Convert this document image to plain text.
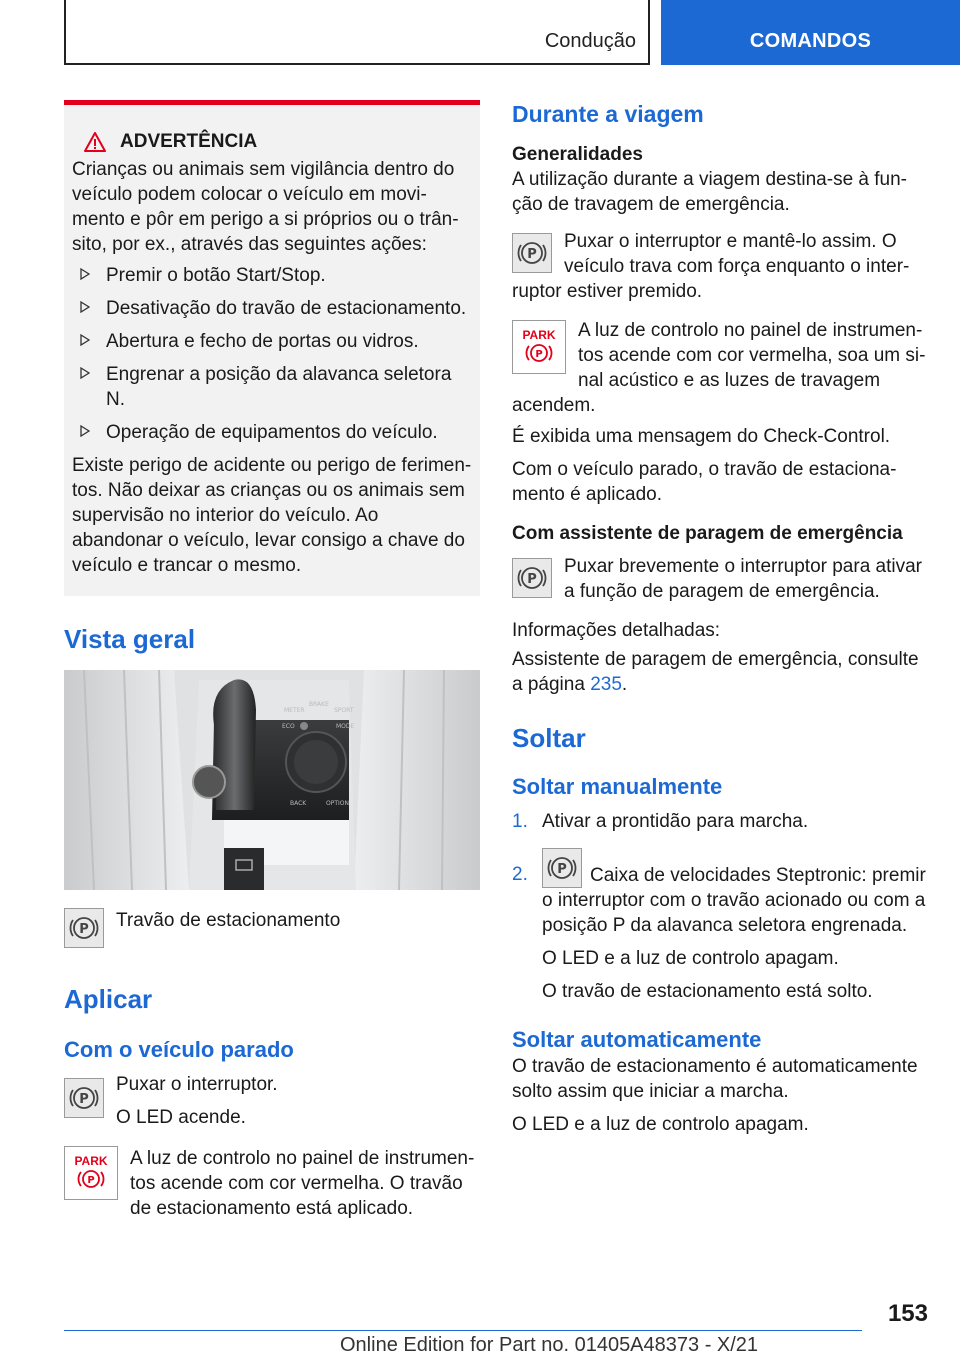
Condução	COMANDOS
ADVERTÊNCIA

Crianças ou animais sem vigilância dentro do veículo podem colocar o veículo em movi-mento e pôr em perigo a si próprios ou o trân-sito, por ex., através das seguintes ações:

Premir o botão Start/Stop.
Desativação do travão de estacionamento.
Abertura e fecho de portas ou vidros.
Engrenar a posição da alavanca seletora N.
Operação de equipamentos do veículo.

Existe perigo de acidente ou perigo de ferimen-tos. Não deixar as crianças ou os animais sem supervisão no interior do veículo. Ao abandonar o veículo, levar consigo a chave do veículo e trancar o mesmo.

Vista geral
METER
BRAKE
SPORT
ECO	MODE
BACK	OPTION
P Travão de estacionamento

Aplicar
Com o veículo parado
P

Puxar o interruptor.

O LED acende.

PARK
P

A luz de controlo no painel de instrumen-tos acende com cor vermelha. O travão de estacionamento está aplicado.

Durante a viagem
Generalidades

A utilização durante a viagem destina-se à fun-ção de travagem de emergência.

P

Puxar o interruptor e mantê-lo assim. O veículo trava com força enquanto o inter-ruptor estiver premido.

PARK
P

A luz de controlo no painel de instrumen-tos acende com cor vermelha, soa um si-nal acústico e as luzes de travagem acendem.

É exibida uma mensagem do Check-Control.

Com o veículo parado, o travão de estaciona-mento é aplicado.

Com assistente de paragem de emergência
P

Puxar brevemente o interruptor para ativar a função de paragem de emergência.

Informações detalhadas:

Assistente de paragem de emergência, consulte a página 235.

Soltar
Soltar manualmente
1. Ativar a prontidão para marcha.
2. P Caixa de velocidades Steptronic: premir o interruptor com o travão acionado ou com a posição P da alavanca seletora engrenada.

O LED e a luz de controlo apagam.

O travão de estacionamento está solto.

Soltar automaticamente

O travão de estacionamento é automaticamente solto assim que iniciar a marcha.

O LED e a luz de controlo apagam.

153
Online Edition for Part no. 01405A48373 - X/21
